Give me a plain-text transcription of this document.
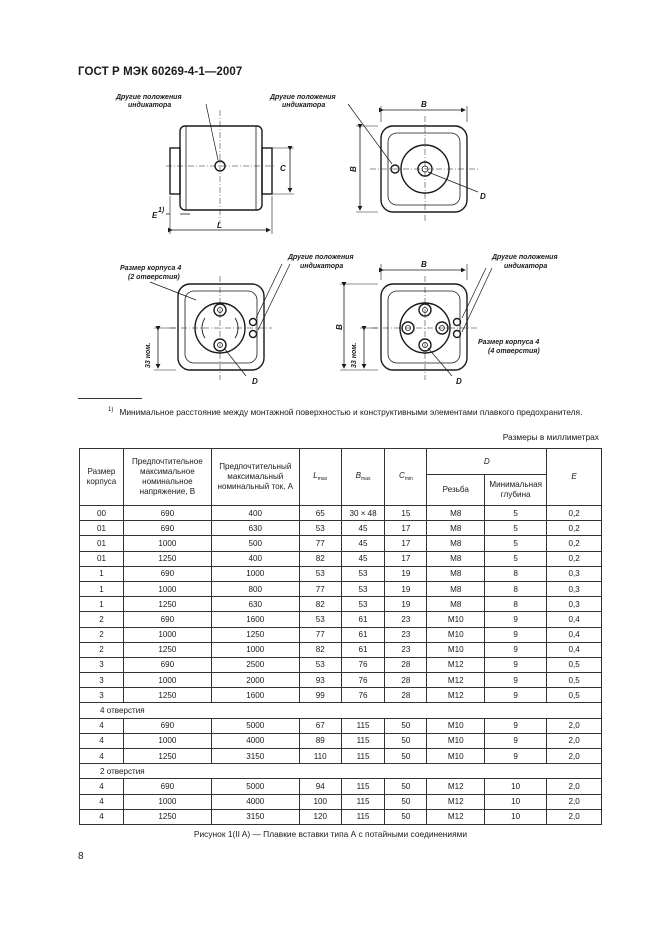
ГОСТ Р МЭК 60269-4-1—2007
Другие положения
индикатора
C
L
E
1)
Другие положения
индикатора	B
B
D
Размер корпуса 4
(2 отверстия)
Другие положения
индикатора
33 ном.
D
B
B
33 ном.
Другие положения
индикатора
Размер корпуса 4
(4 отверстия)
D
$^{1)}$ Минимальное расстояние между монтажной поверхностью и конструктивными элементами плавкого предохранителя.
Размеры в миллиметрах
Размер корпуса	Предпочтительное максимальное номинальное напряжение, В	Предпочтительный максимальный номинальный ток, А	$L_{max}$	$B_{max}$	$C_{min}$	D		E
						Резьба	Минимальная глубина	
00	690	400	65	30 × 48	15	M8	5	0,2
01	690	630	53	45	17	M8	5	0,2
01	1000	500	77	45	17	M8	5	0,2
01	1250	400	82	45	17	M8	5	0,2
1	690	1000	53	53	19	M8	8	0,3
1	1000	800	77	53	19	M8	8	0,3
1	1250	630	82	53	19	M8	8	0,3
2	690	1600	53	61	23	M10	9	0,4
2	1000	1250	77	61	23	M10	9	0,4
2	1250	1000	82	61	23	M10	9	0,4
3	690	2500	53	76	28	M12	9	0,5
3	1000	2000	93	76	28	M12	9	0,5
3	1250	1600	99	76	28	M12	9	0,5
4 отверстия								
4	690	5000	67	115	50	M10	9	2,0
4	1000	4000	89	115	50	M10	9	2,0
4	1250	3150	110	115	50	M10	9	2,0
2 отверстия								
4	690	5000	94	115	50	M12	10	2,0
4	1000	4000	100	115	50	M12	10	2,0
4	1250	3150	120	115	50	M12	10	2,0
Рисунок 1(II A) — Плавкие вставки типа А с потайными соединениями
8
